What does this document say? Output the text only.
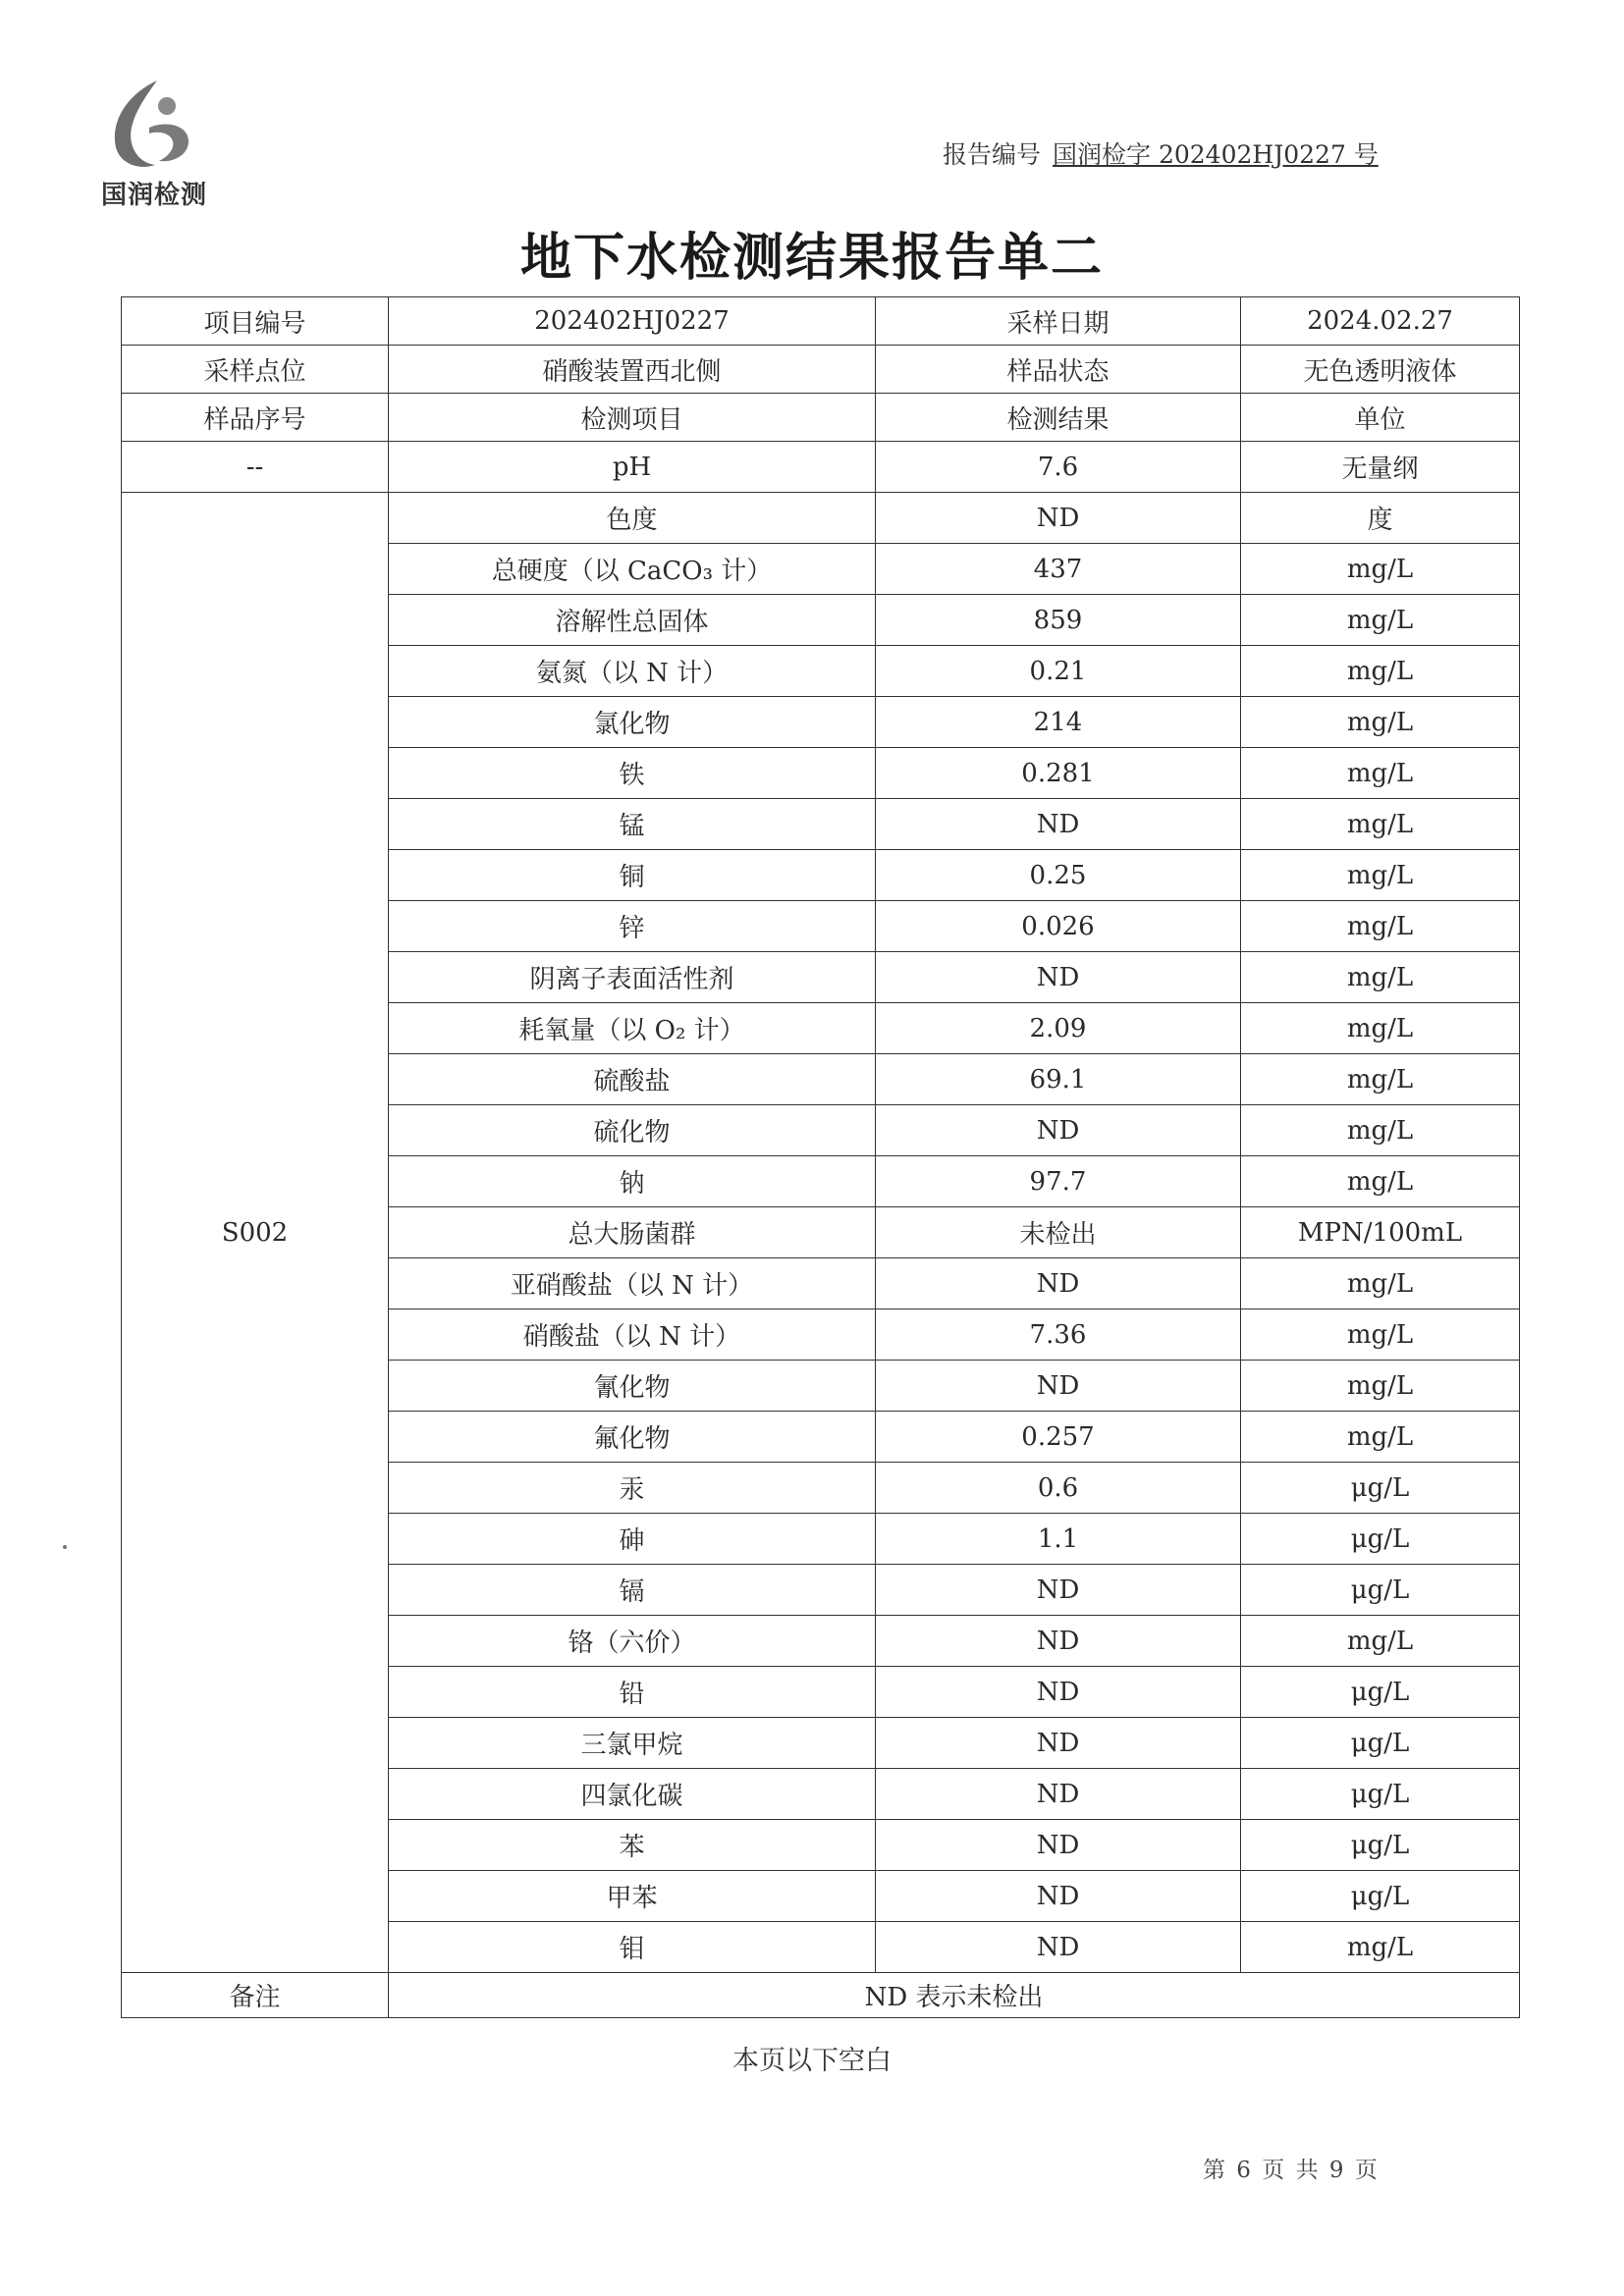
国润检测
报告编号 国润检字 202402HJ0227 号
地下水检测结果报告单二
项目编号	202402HJ0227	采样日期	2024.02.27
采样点位	硝酸装置西北侧	样品状态	无色透明液体
样品序号	检测项目	检测结果	单位
--	pH	7.6	无量纲
S002	色度	ND	度
	总硬度（以 CaCO₃ 计）	437	mg/L
	溶解性总固体	859	mg/L
	氨氮（以 N 计）	0.21	mg/L
	氯化物	214	mg/L
	铁	0.281	mg/L
	锰	ND	mg/L
	铜	0.25	mg/L
	锌	0.026	mg/L
	阴离子表面活性剂	ND	mg/L
	耗氧量（以 O₂ 计）	2.09	mg/L
	硫酸盐	69.1	mg/L
	硫化物	ND	mg/L
	钠	97.7	mg/L
	总大肠菌群	未检出	MPN/100mL
	亚硝酸盐（以 N 计）	ND	mg/L
	硝酸盐（以 N 计）	7.36	mg/L
	氰化物	ND	mg/L
	氟化物	0.257	mg/L
	汞	0.6	μg/L
	砷	1.1	μg/L
	镉	ND	μg/L
	铬（六价）	ND	mg/L
	铅	ND	μg/L
	三氯甲烷	ND	μg/L
	四氯化碳	ND	μg/L
	苯	ND	μg/L
	甲苯	ND	μg/L
	钼	ND	mg/L
备注	ND 表示未检出		
本页以下空白
第 6 页 共 9 页
